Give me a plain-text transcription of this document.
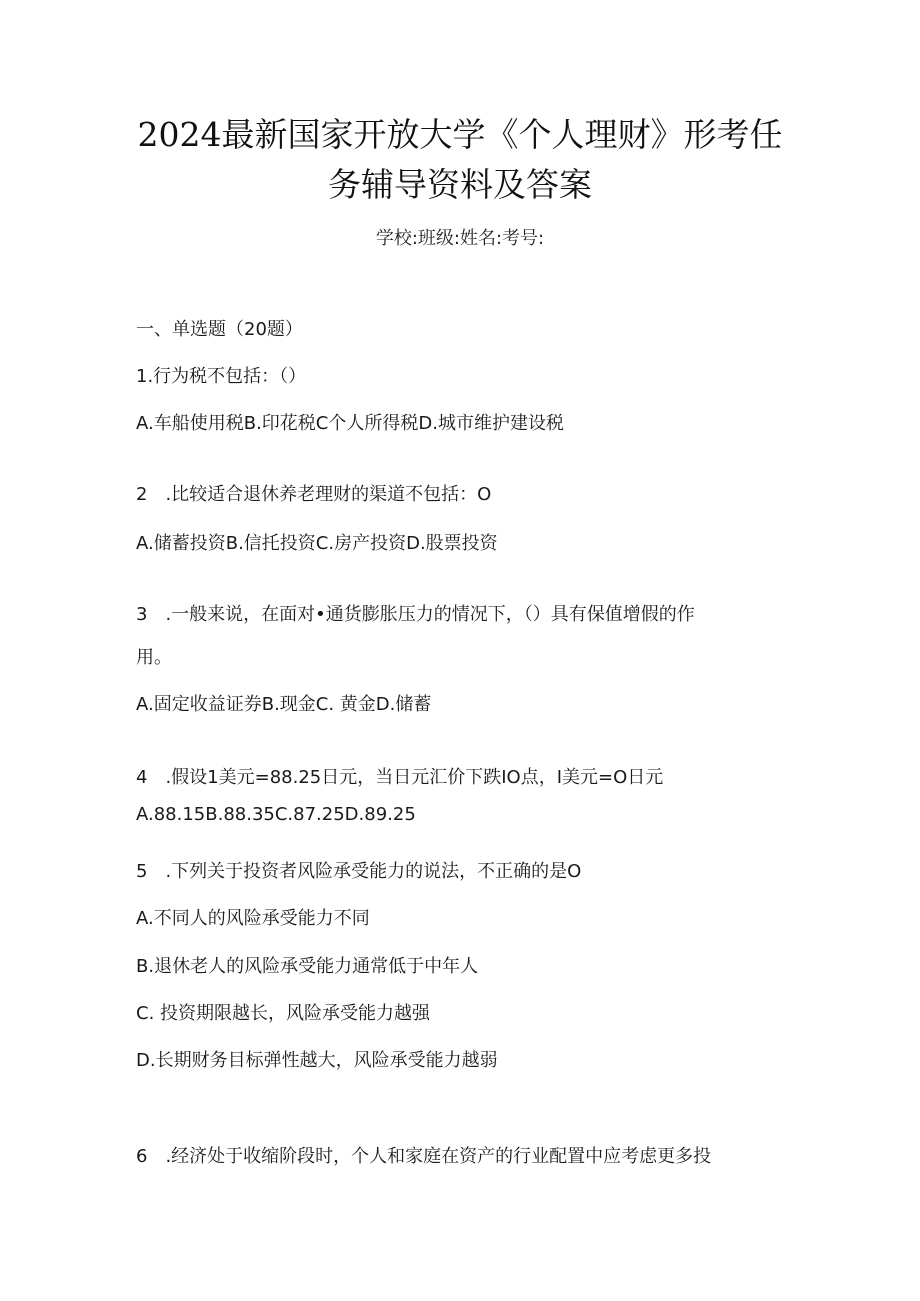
2024最新国家开放大学《个人理财》形考任
务辅导资料及答案
学校:班级:姓名:考号:
一、单选题（20题）
1.行为税不包括：（）
A.车船使用税B.印花税C个人所得税D.城市维护建设税
2　.比较适合退休养老理财的渠道不包括：O
A.储蓄投资B.信托投资C.房产投资D.股票投资
3　.一般来说，在面对•通货膨胀压力的情况下，（）具有保值增假的作
用。
A.固定收益证券B.现金C. 黄金D.储蓄
4　.假设1美元=88.25日元，当日元汇价下跌IO点，I美元=O日元
A.88.15B.88.35C.87.25D.89.25
5　.下列关于投资者风险承受能力的说法，不正确的是O
A.不同人的风险承受能力不同
B.退休老人的风险承受能力通常低于中年人
C. 投资期限越长，风险承受能力越强
D.长期财务目标弹性越大，风险承受能力越弱
6　.经济处于收缩阶段时，个人和家庭在资产的行业配置中应考虑更多投
